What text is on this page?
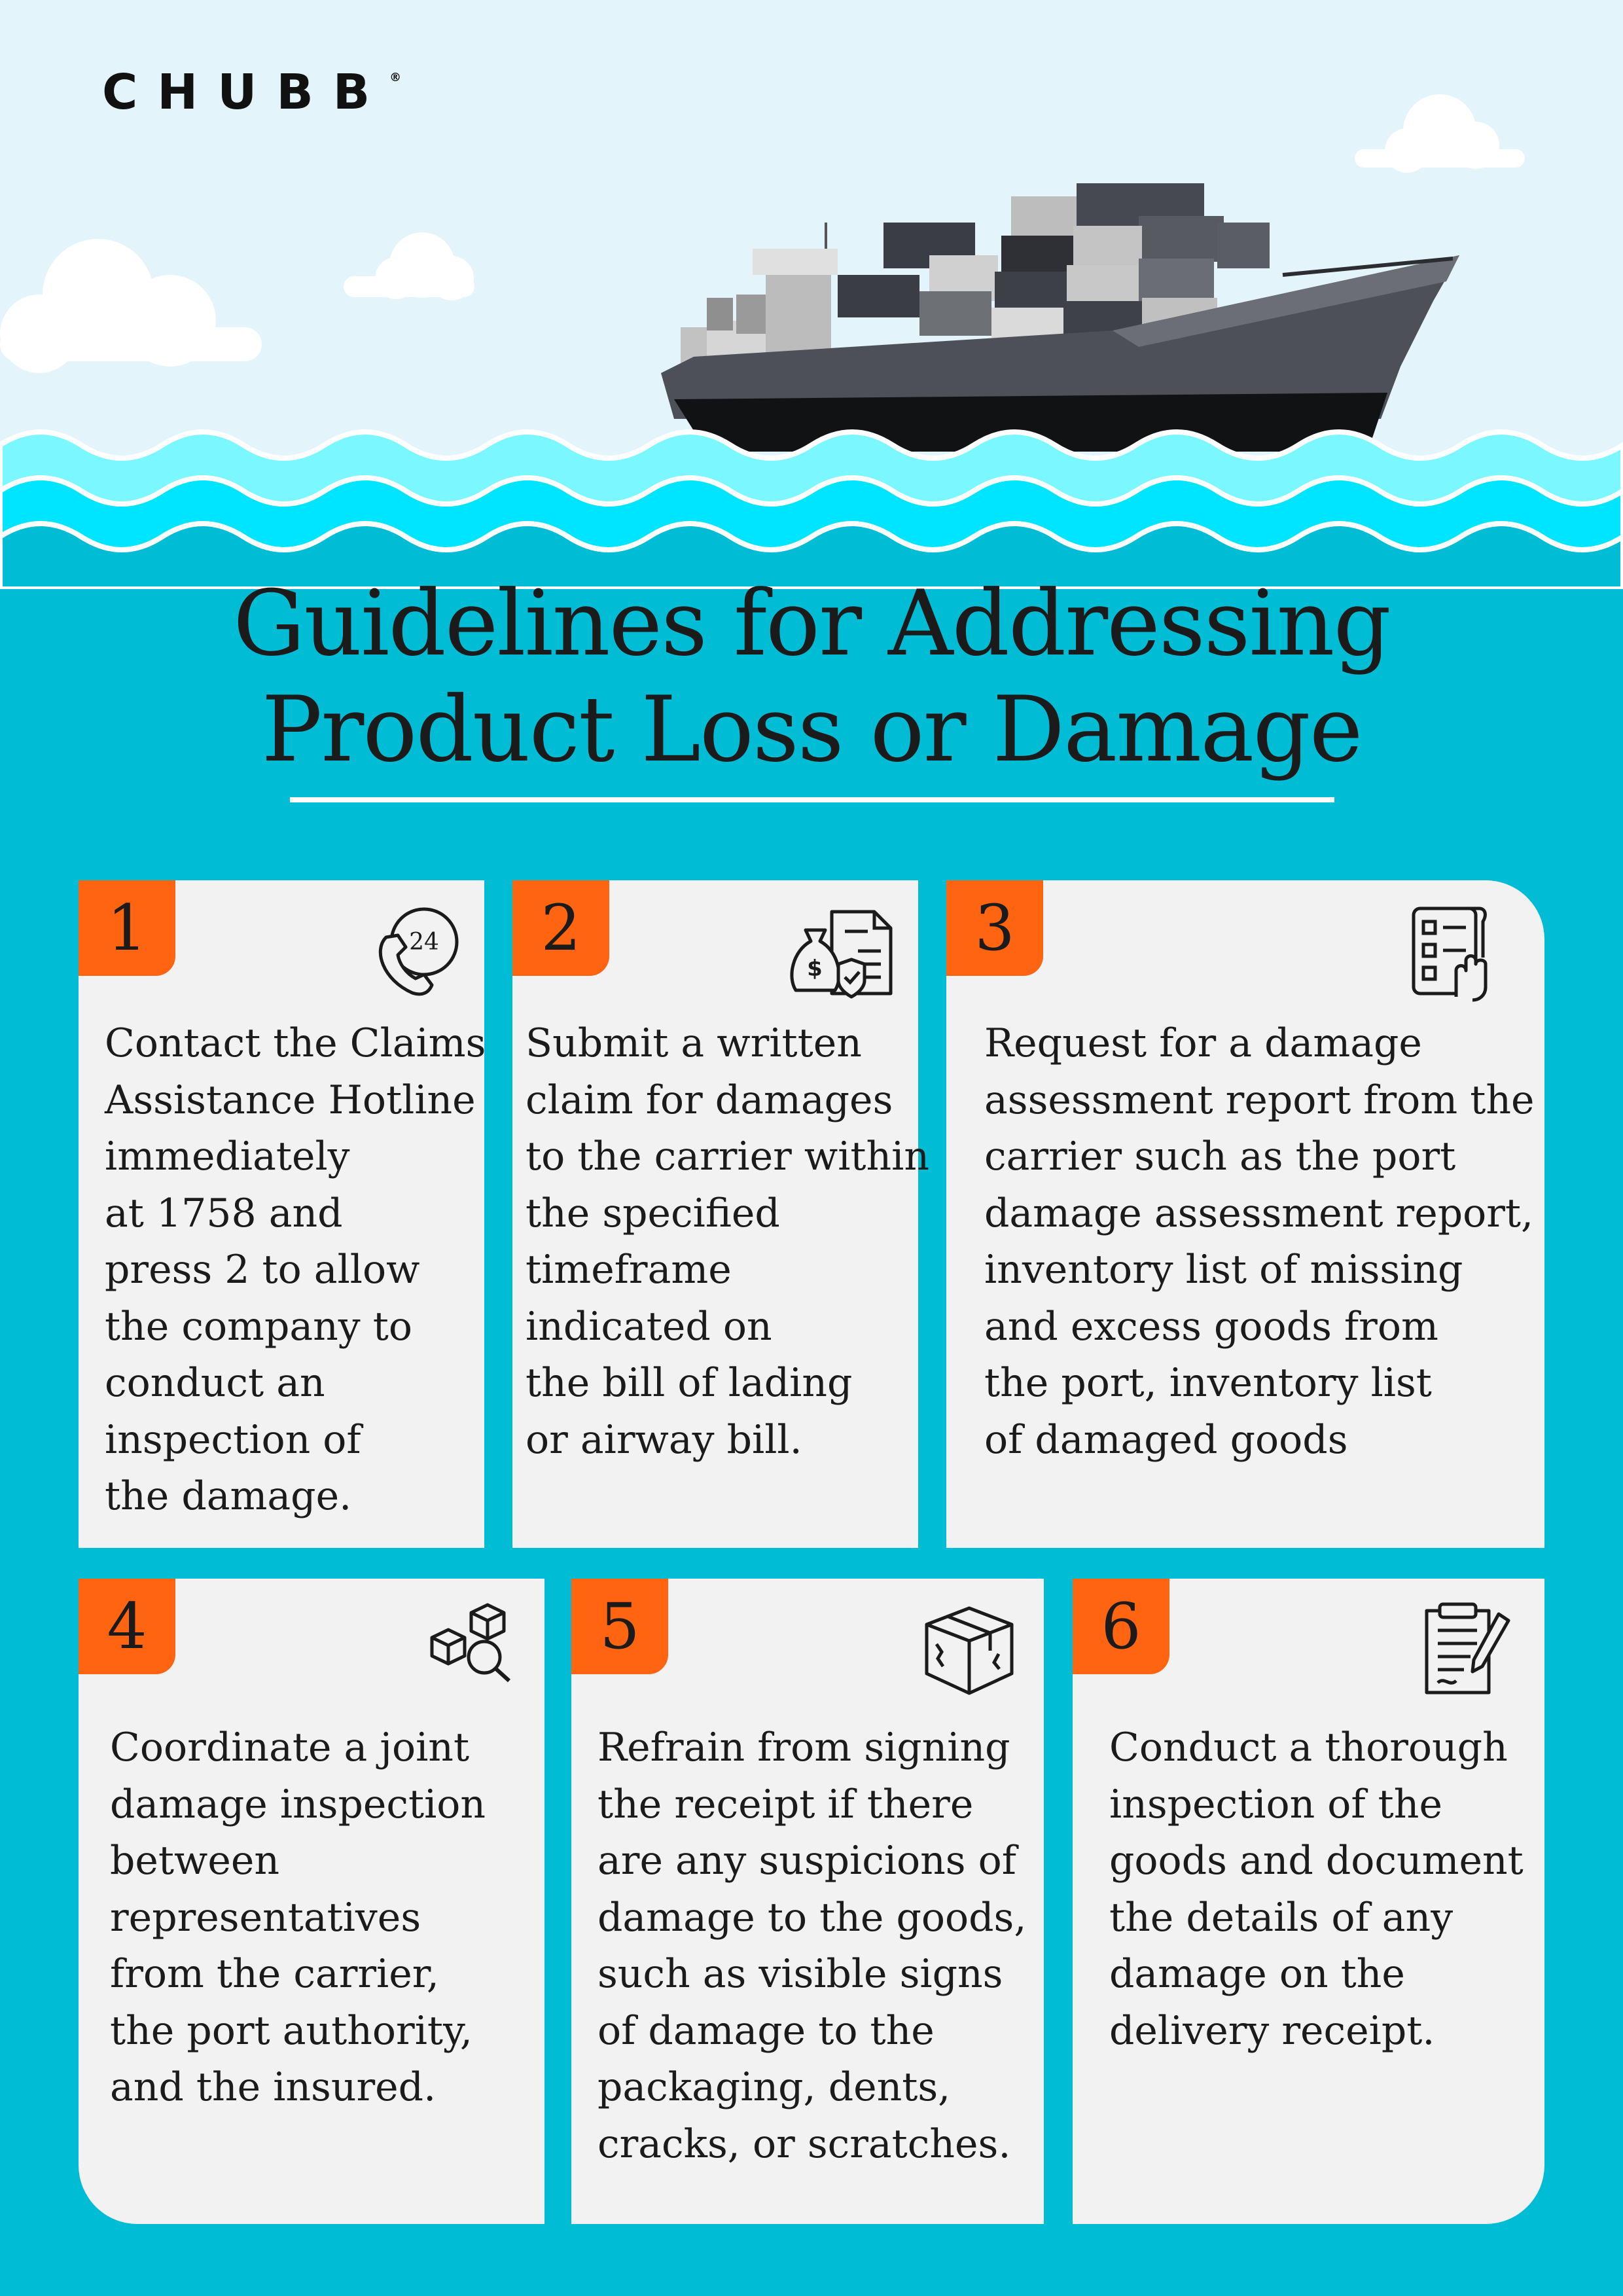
CHUBB®
Guidelines for Addressing
Product Loss or Damage
1	24
Contact the Claims
Assistance Hotline
immediately
at 1758 and
press 2 to allow
the company to
conduct an
inspection of
the damage.
2
$
Submit a written
claim for damages
to the carrier within
the specified
timeframe
indicated on
the bill of lading
or airway bill.
3
Request for a damage
assessment report from the
carrier such as the port
damage assessment report,
inventory list of missing
and excess goods from
the port, inventory list
of damaged goods
4
Coordinate a joint
damage inspection
between
representatives
from the carrier,
the port authority,
and the insured.
5
Refrain from signing
the receipt if there
are any suspicions of
damage to the goods,
such as visible signs
of damage to the
packaging, dents,
cracks, or scratches.
6
Conduct a thorough
inspection of the
goods and document
the details of any
damage on the
delivery receipt.
